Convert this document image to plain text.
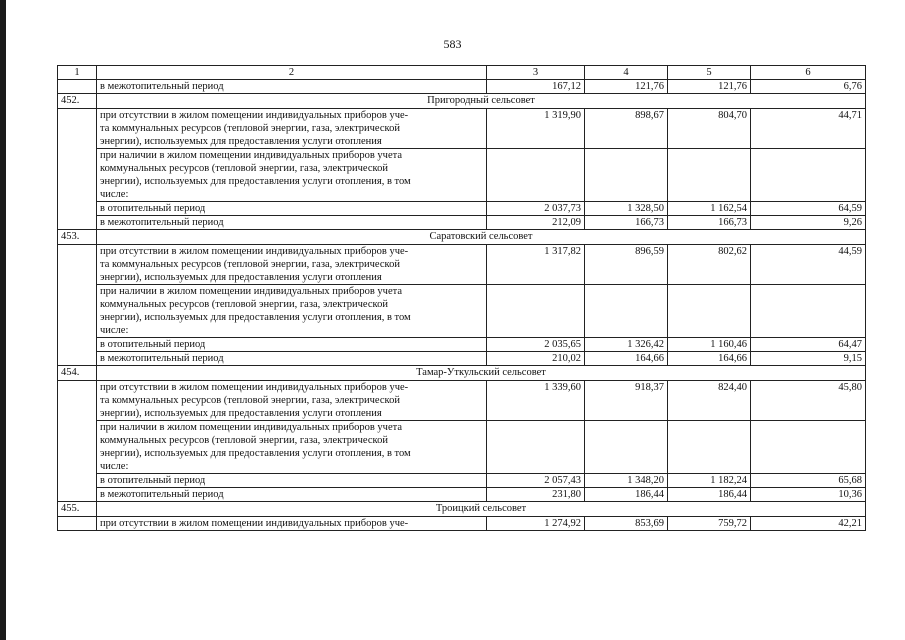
583
1	2	3	4	5	6
	в межотопительный период	167,12	121,76	121,76	6,76
452.	Пригородный сельсовет				

	при отсутствии в жилом помещении индивидуальных приборов уче-
та коммунальных ресурсов (тепловой энергии, газа, электрической
энергии), используемых для предоставления услуги отопления	1 319,90	898,67	804,70	44,71

	при наличии в жилом помещении индивидуальных приборов учета
коммунальных ресурсов (тепловой энергии, газа, электрической
энергии), используемых для предоставления услуги отопления, в том
числе:				

	в отопительный период	2 037,73	1 328,50	1 162,54	64,59
	в межотопительный период	212,09	166,73	166,73	9,26
453.	Саратовский сельсовет				

	при отсутствии в жилом помещении индивидуальных приборов уче-
та коммунальных ресурсов (тепловой энергии, газа, электрической
энергии), используемых для предоставления услуги отопления	1 317,82	896,59	802,62	44,59

	при наличии в жилом помещении индивидуальных приборов учета
коммунальных ресурсов (тепловой энергии, газа, электрической
энергии), используемых для предоставления услуги отопления, в том
числе:				

	в отопительный период	2 035,65	1 326,42	1 160,46	64,47
	в межотопительный период	210,02	164,66	164,66	9,15
454.	Тамар-Уткульский сельсовет				

	при отсутствии в жилом помещении индивидуальных приборов уче-
та коммунальных ресурсов (тепловой энергии, газа, электрической
энергии), используемых для предоставления услуги отопления	1 339,60	918,37	824,40	45,80

	при наличии в жилом помещении индивидуальных приборов учета
коммунальных ресурсов (тепловой энергии, газа, электрической
энергии), используемых для предоставления услуги отопления, в том
числе:				

	в отопительный период	2 057,43	1 348,20	1 182,24	65,68
	в межотопительный период	231,80	186,44	186,44	10,36
455.	Троицкий сельсовет				

	при отсутствии в жилом помещении индивидуальных приборов уче-	1 274,92	853,69	759,72	42,21
